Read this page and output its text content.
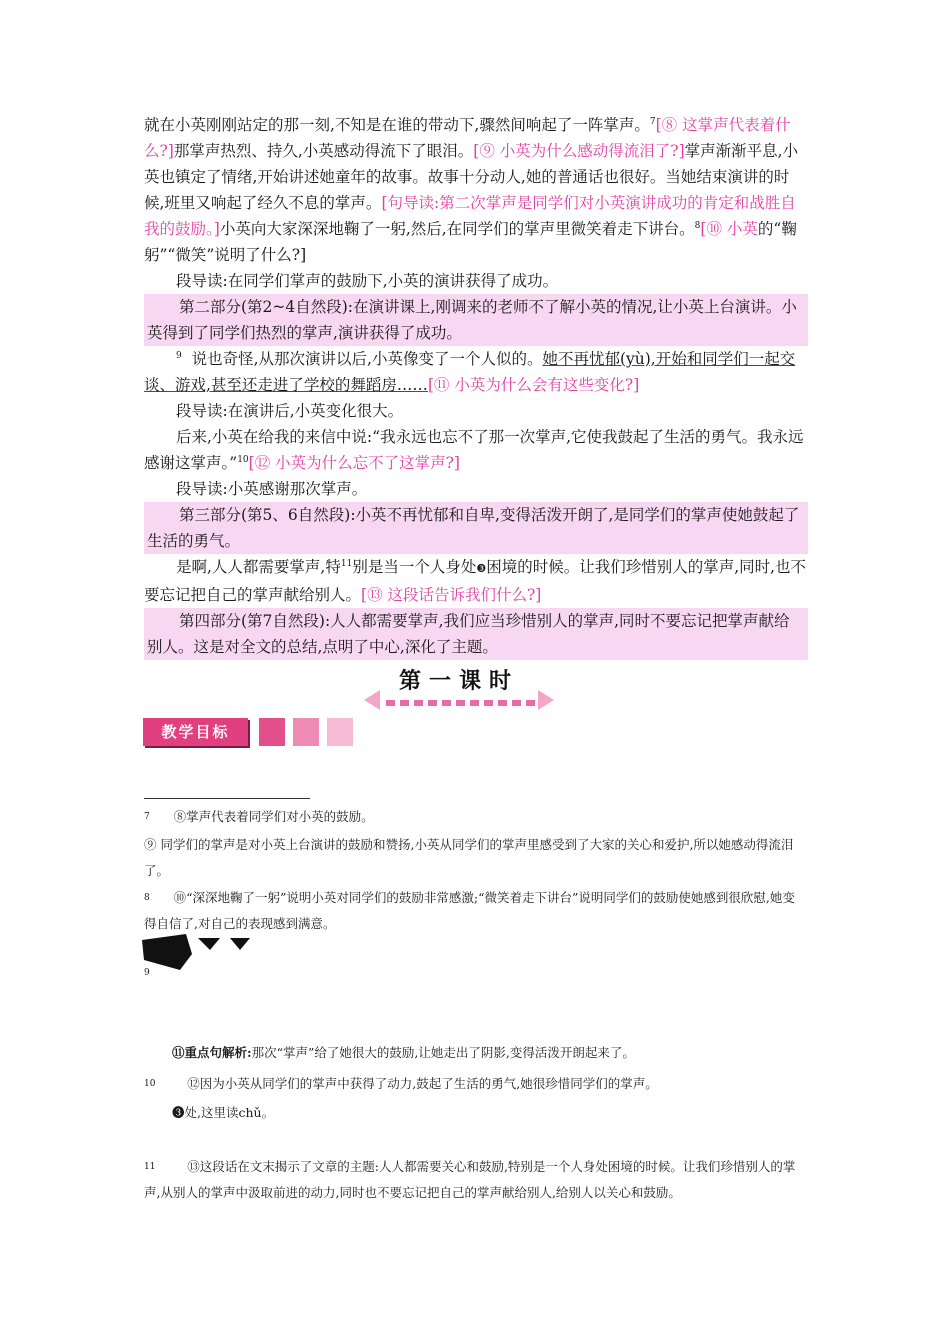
就在小英刚刚站定的那一刻,不知是在谁的带动下,骤然间响起了一阵掌声。$^7$[⑧ 这掌声代表着什么?]那掌声热烈、持久,小英感动得流下了眼泪。[⑨ 小英为什么感动得流泪了?]掌声渐渐平息,小英也镇定了情绪,开始讲述她童年的故事。故事十分动人,她的普通话也很好。当她结束演讲的时候,班里又响起了经久不息的掌声。[句导读:第二次掌声是同学们对小英演讲成功的肯定和战胜自我的鼓励。]小英向大家深深地鞠了一躬,然后,在同学们的掌声里微笑着走下讲台。$^8$[⑩ 小英的“鞠躬”“微笑”说明了什么?]

段导读:在同学们掌声的鼓励下,小英的演讲获得了成功。

第二部分(第2~4自然段):在演讲课上,刚调来的老师不了解小英的情况,让小英上台演讲。小英得到了同学们热烈的掌声,演讲获得了成功。

$^9$ 说也奇怪,从那次演讲以后,小英像变了一个人似的。她不再忧郁(yù),开始和同学们一起交谈、游戏,甚至还走进了学校的舞蹈房……[⑪ 小英为什么会有这些变化?]

段导读:在演讲后,小英变化很大。

后来,小英在给我的来信中说:“我永远也忘不了那一次掌声,它使我鼓起了生活的勇气。我永远感谢这掌声。”$^{10}$[⑫ 小英为什么忘不了这掌声?]

段导读:小英感谢那次掌声。

第三部分(第5、6自然段):小英不再忧郁和自卑,变得活泼开朗了,是同学们的掌声使她鼓起了生活的勇气。

是啊,人人都需要掌声,特$^{11}$别是当一个人身处❸困境的时候。让我们珍惜别人的掌声,同时,也不要忘记把自己的掌声献给别人。[⑬ 这段话告诉我们什么?]

第四部分(第7自然段):人人都需要掌声,我们应当珍惜别人的掌声,同时不要忘记把掌声献给别人。这是对全文的总结,点明了中心,深化了主题。

第一课时
教学目标
7 ⑧掌声代表着同学们对小英的鼓励。
⑨ 同学们的掌声是对小英上台演讲的鼓励和赞扬,小英从同学们的掌声里感受到了大家的关心和爱护,所以她感动得流泪了。
8 ⑩“深深地鞠了一躬”说明小英对同学们的鼓励非常感激;“微笑着走下讲台”说明同学们的鼓励使她感到很欣慰,她变得自信了,对自己的表现感到满意。
9
⑪重点句解析:那次“掌声”给了她很大的鼓励,让她走出了阴影,变得活泼开朗起来了。
10	⑫因为小英从同学们的掌声中获得了动力,鼓起了生活的勇气,她很珍惜同学们的掌声。
❸处,这里读chǔ。
11	⑬这段话在文末揭示了文章的主题:人人都需要关心和鼓励,特别是一个人身处困境的时候。让我们珍惜别人的掌声,从别人的掌声中汲取前进的动力,同时也不要忘记把自己的掌声献给别人,给别人以关心和鼓励。
